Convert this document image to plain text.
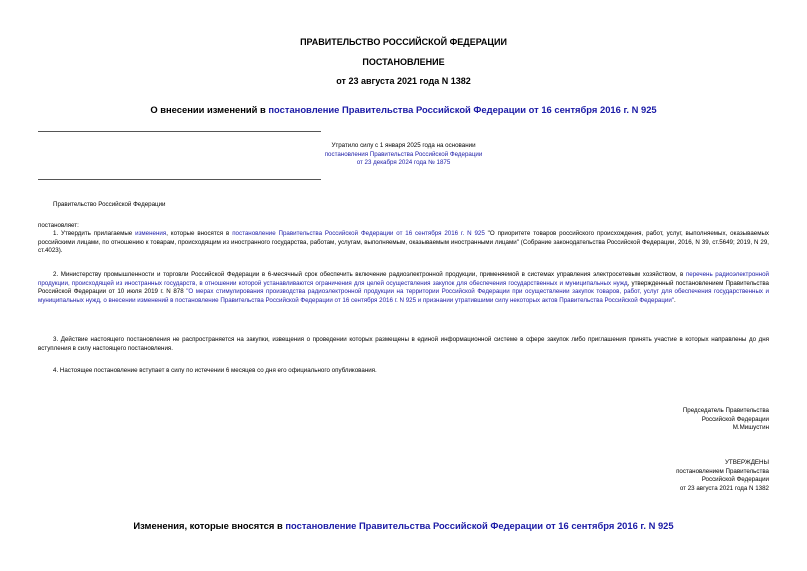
ПРАВИТЕЛЬСТВО РОССИЙСКОЙ ФЕДЕРАЦИИ
ПОСТАНОВЛЕНИЕ
от 23 августа 2021 года N 1382
О внесении изменений в постановление Правительства Российской Федерации от 16 сентября 2016 г. N 925
Утратило силу с 1 января 2025 года на основании
постановления Правительства Российской Федерации
от 23 декабря 2024 года № 1875
Правительство Российской Федерации
постановляет:
1. Утвердить прилагаемые изменения, которые вносятся в постановление Правительства Российской Федерации от 16 сентября 2016 г. N 925 "О приоритете товаров российского происхождения, работ, услуг, выполняемых, оказываемых российскими лицами, по отношению к товарам, происходящим из иностранного государства, работам, услугам, выполняемым, оказываемым иностранными лицами" (Собрание законодательства Российской Федерации, 2016, N 39, ст.5649; 2019, N 29, ст.4023).
2. Министерству промышленности и торговли Российской Федерации в 6-месячный срок обеспечить включение радиоэлектронной продукции, применяемой в системах управления электросетевым хозяйством, в перечень радиоэлектронной продукции, происходящей из иностранных государств, в отношении которой устанавливаются ограничения для целей осуществления закупок для обеспечения государственных и муниципальных нужд, утвержденный постановлением Правительства Российской Федерации от 10 июля 2019 г. N 878 "О мерах стимулирования производства радиоэлектронной продукции на территории Российской Федерации при осуществлении закупок товаров, работ, услуг для обеспечения государственных и муниципальных нужд, о внесении изменений в постановление Правительства Российской Федерации от 16 сентября 2016 г. N 925 и признании утратившими силу некоторых актов Правительства Российской Федерации".
3. Действие настоящего постановления не распространяется на закупки, извещения о проведении которых размещены в единой информационной системе в сфере закупок либо приглашения принять участие в которых направлены до дня вступления в силу настоящего постановления.
4. Настоящее постановление вступает в силу по истечении 6 месяцев со дня его официального опубликования.
Председатель Правительства
Российской Федерации
М.Мишустин
УТВЕРЖДЕНЫ
постановлением Правительства
Российской Федерации
от 23 августа 2021 года N 1382
Изменения, которые вносятся в постановление Правительства Российской Федерации от 16 сентября 2016 г. N 925
